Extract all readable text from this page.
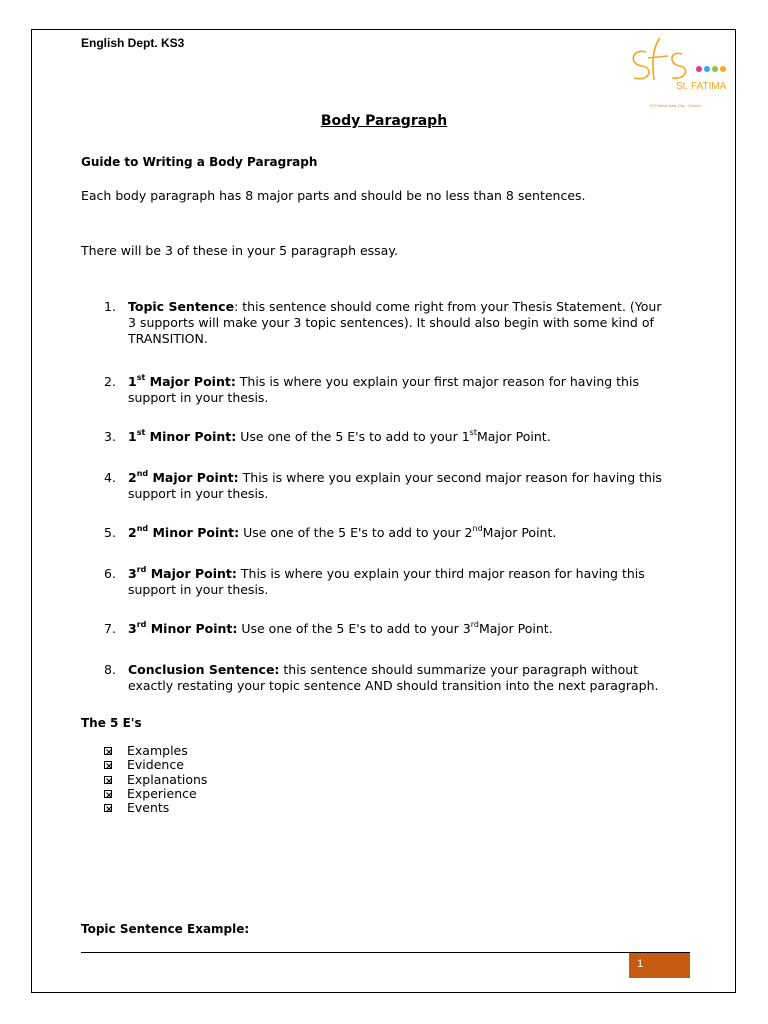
English Dept. KS3
St. FATIMA
St Fatima Nasr City - School
Body Paragraph
Guide to Writing a Body Paragraph
Each body paragraph has 8 major parts and should be no less than 8 sentences.
There will be 3 of these in your 5 paragraph essay.
1. Topic Sentence: this sentence should come right from your Thesis Statement. (Your
3 supports will make your 3 topic sentences). It should also begin with some kind of
TRANSITION.
2. 1st Major Point: This is where you explain your first major reason for having this
support in your thesis.
3. 1st Minor Point: Use one of the 5 E's to add to your 1stMajor Point.
4. 2nd Major Point: This is where you explain your second major reason for having this
support in your thesis.
5. 2nd Minor Point: Use one of the 5 E's to add to your 2ndMajor Point.
6. 3rd Major Point: This is where you explain your third major reason for having this
support in your thesis.
7. 3rd Minor Point: Use one of the 5 E's to add to your 3rdMajor Point.
8. Conclusion Sentence: this sentence should summarize your paragraph without
exactly restating your topic sentence AND should transition into the next paragraph.
The 5 E's
Examples
Evidence
Explanations
Experience
Events
Topic Sentence Example:
1
